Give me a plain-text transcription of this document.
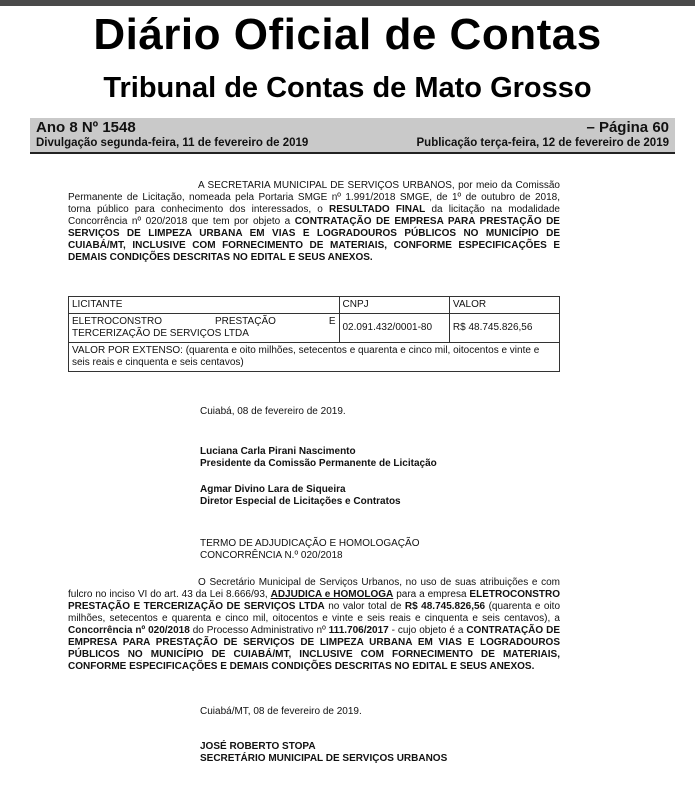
Diário Oficial de Contas
Tribunal de Contas de Mato Grosso
Ano 8 Nº 1548	– Página 60
Divulgação segunda-feira, 11 de fevereiro de 2019	Publicação terça-feira, 12 de fevereiro de 2019
A SECRETARIA MUNICIPAL DE SERVIÇOS URBANOS, por meio da Comissão Permanente de Licitação, nomeada pela Portaria SMGE nº 1.991/2018 SMGE, de 1º de outubro de 2018, torna público para conhecimento dos interessados, o RESULTADO FINAL da licitação na modalidade Concorrência nº 020/2018 que tem por objeto a CONTRATAÇÃO DE EMPRESA PARA PRESTAÇÃO DE SERVIÇOS DE LIMPEZA URBANA EM VIAS E LOGRADOUROS PÚBLICOS NO MUNICÍPIO DE CUIABÁ/MT, INCLUSIVE COM FORNECIMENTO DE MATERIAIS, CONFORME ESPECIFICAÇÕES E DEMAIS CONDIÇÕES DESCRITAS NO EDITAL E SEUS ANEXOS.
LICITANTE	CNPJ	VALOR

ELETROCONSTRO PRESTAÇÃO E
TERCERIZAÇÃO DE SERVIÇOS LTDA	02.091.432/0001-80	R$ 48.745.826,56
VALOR POR EXTENSO: (quarenta e oito milhões, setecentos e quarenta e cinco mil, oitocentos e vinte e seis reais e cinquenta e seis centavos)		
Cuiabá, 08 de fevereiro de 2019.
Luciana Carla Pirani Nascimento
Presidente da Comissão Permanente de Licitação
Agmar Divino Lara de Siqueira
Diretor Especial de Licitações e Contratos
TERMO DE ADJUDICAÇÃO E HOMOLOGAÇÃO
CONCORRÊNCIA N.º 020/2018
O Secretário Municipal de Serviços Urbanos, no uso de suas atribuições e com fulcro no inciso VI do art. 43 da Lei 8.666/93, ADJUDICA e HOMOLOGA para a empresa ELETROCONSTRO PRESTAÇÃO E TERCERIZAÇÃO DE SERVIÇOS LTDA no valor total de R$ 48.745.826,56 (quarenta e oito milhões, setecentos e quarenta e cinco mil, oitocentos e vinte e seis reais e cinquenta e seis centavos), a Concorrência nº 020/2018 do Processo Administrativo nº 111.706/2017 - cujo objeto é a CONTRATAÇÃO DE EMPRESA PARA PRESTAÇÃO DE SERVIÇOS DE LIMPEZA URBANA EM VIAS E LOGRADOUROS PÚBLICOS NO MUNICÍPIO DE CUIABÁ/MT, INCLUSIVE COM FORNECIMENTO DE MATERIAIS, CONFORME ESPECIFICAÇÕES E DEMAIS CONDIÇÕES DESCRITAS NO EDITAL E SEUS ANEXOS.
Cuiabá/MT, 08 de fevereiro de 2019.
JOSÉ ROBERTO STOPA
SECRETÁRIO MUNICIPAL DE SERVIÇOS URBANOS
